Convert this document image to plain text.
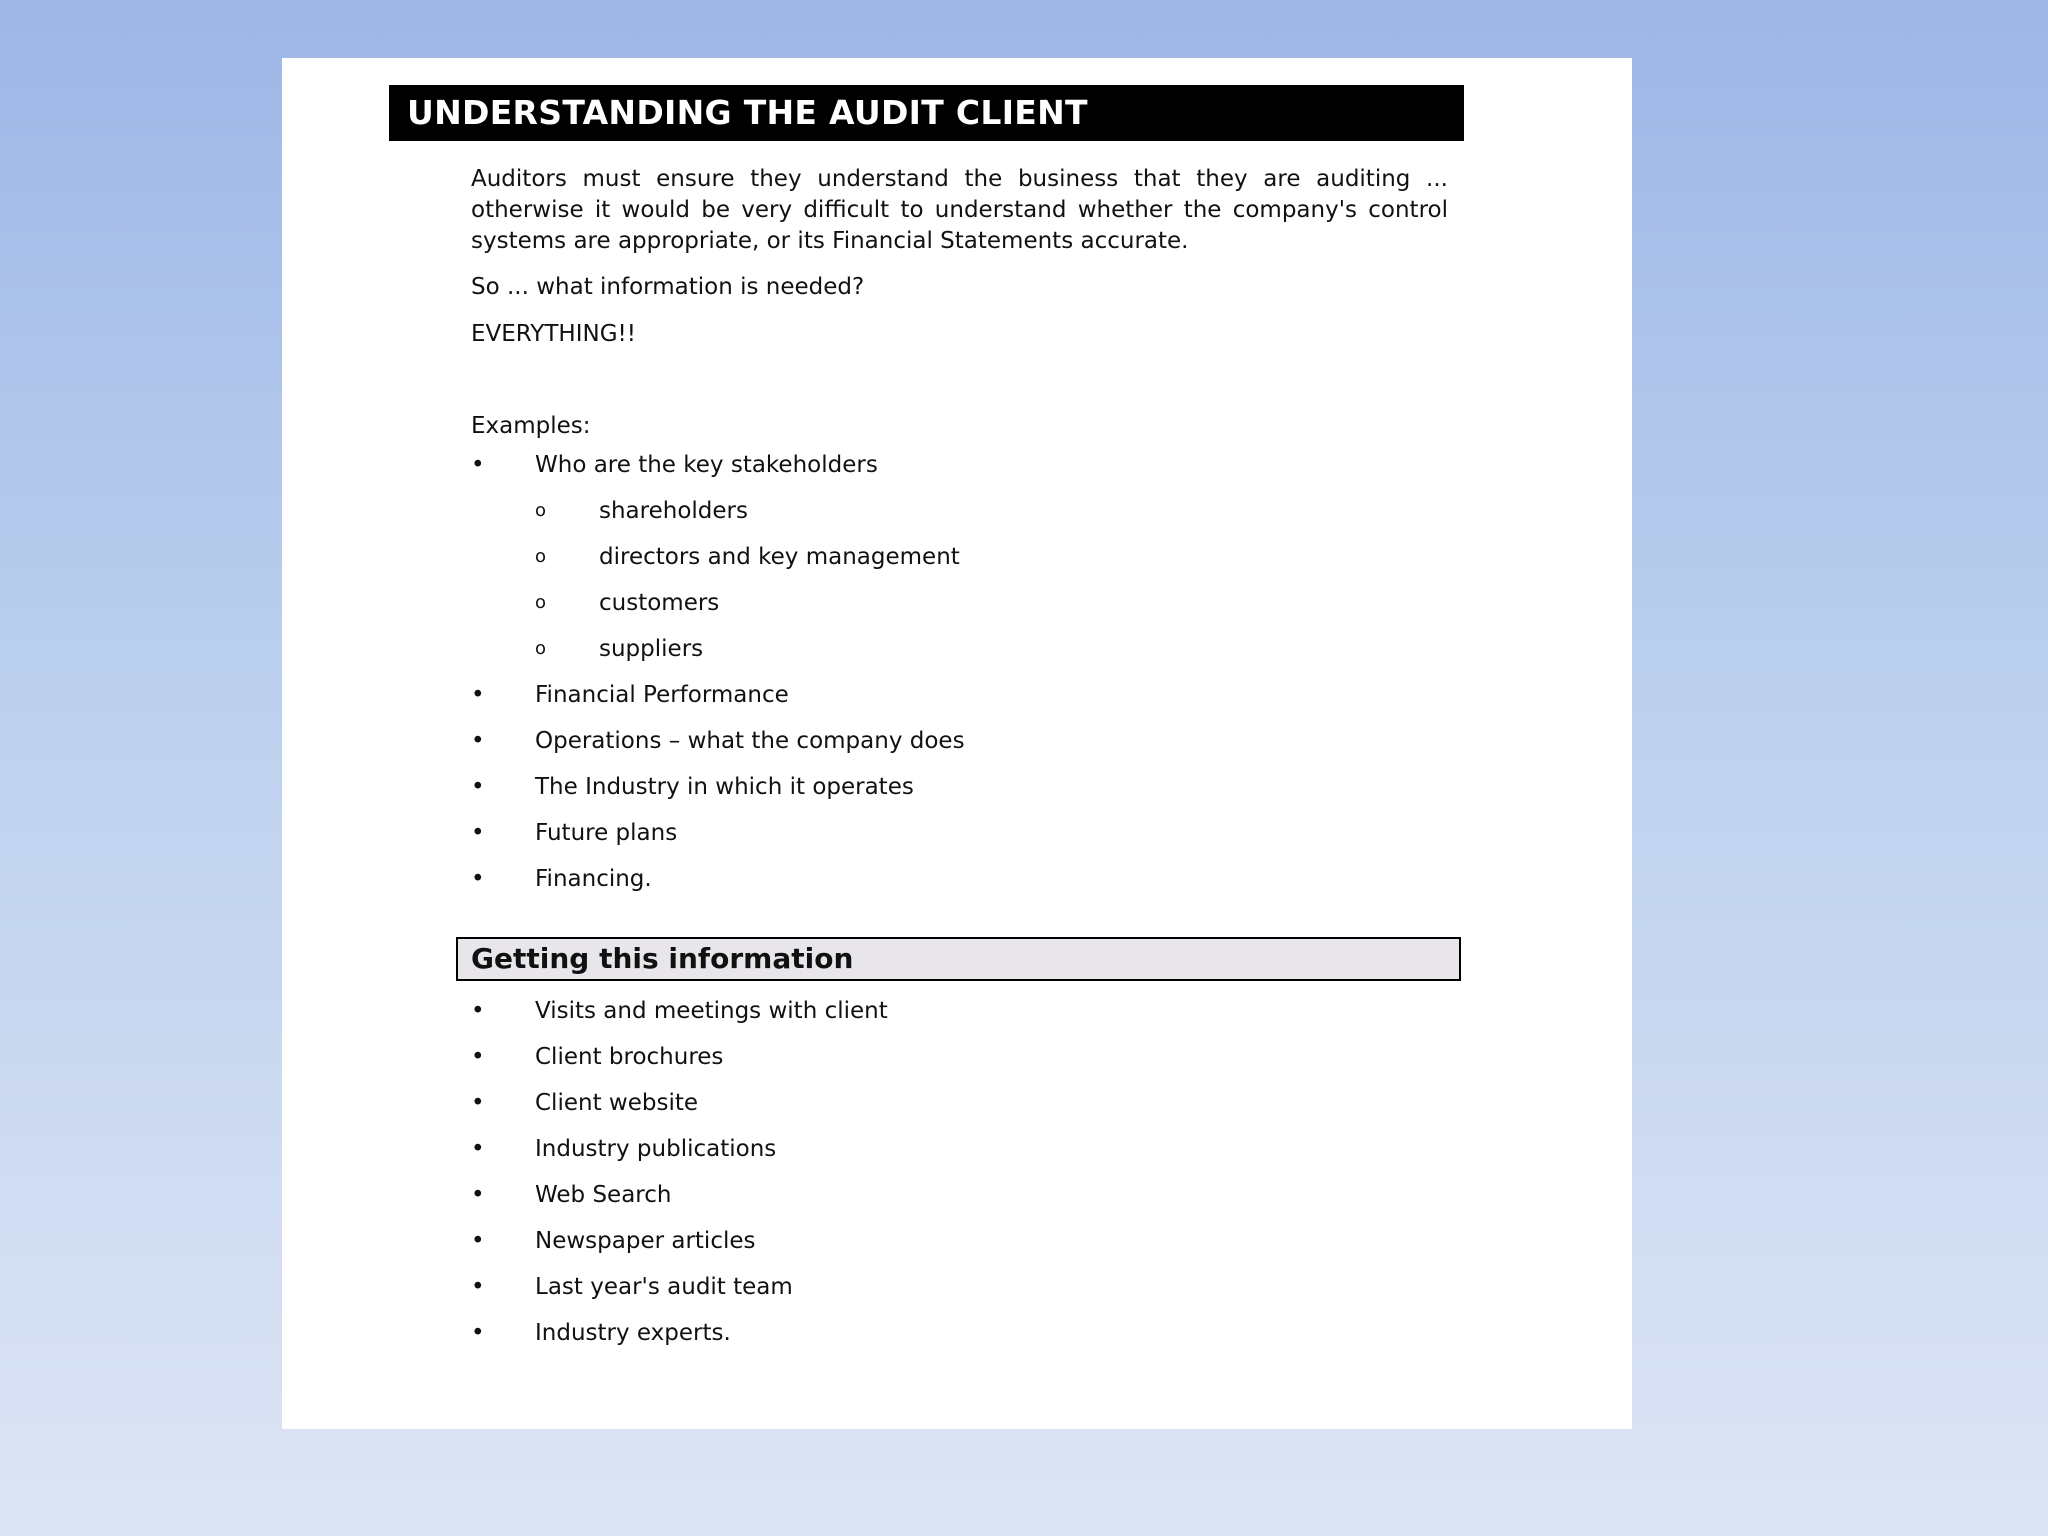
UNDERSTANDING THE AUDIT CLIENT

Auditors must ensure they understand the business that they are auditing ... otherwise it would be very difficult to understand whether the company's control systems are appropriate, or its Financial Statements accurate.

So ... what information is needed?

EVERYTHING!!

Examples:

• Who are the key stakeholders
o	shareholders
o	directors and key management
o	customers
o	suppliers
• Financial Performance
• Operations – what the company does
• The Industry in which it operates
• Future plans
• Financing.
Getting this information
• Visits and meetings with client
• Client brochures
• Client website
• Industry publications
• Web Search
• Newspaper articles
• Last year's audit team
• Industry experts.
